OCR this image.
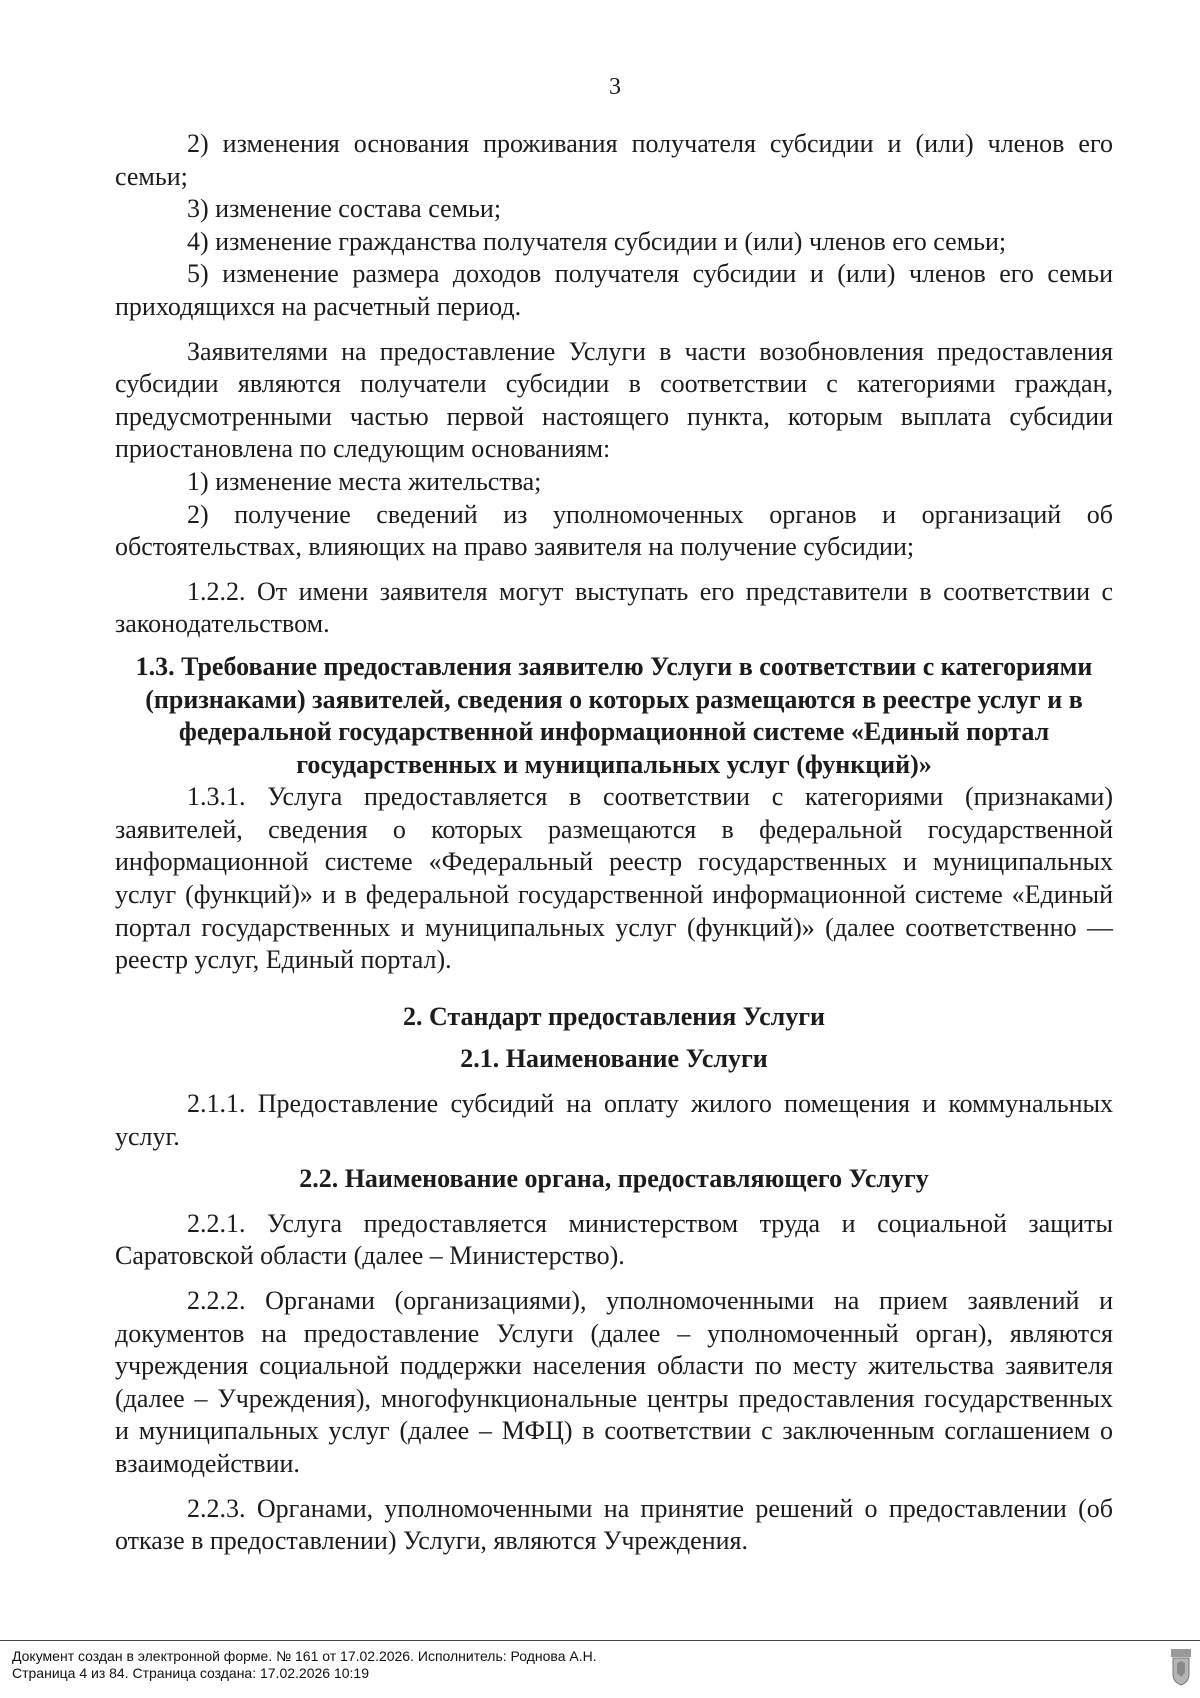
3

2) изменения основания проживания получателя субсидии и (или) членов его семьи;

3) изменение состава семьи;

4) изменение гражданства получателя субсидии и (или) членов его семьи;

5) изменение размера доходов получателя субсидии и (или) членов его семьи приходящихся на расчетный период.

Заявителями на предоставление Услуги в части возобновления предоставления субсидии являются получатели субсидии в соответствии с категориями граждан, предусмотренными частью первой настоящего пункта, которым выплата субсидии приостановлена по следующим основаниям:

1) изменение места жительства;

2) получение сведений из уполномоченных органов и организаций об обстоятельствах, влияющих на право заявителя на получение субсидии;

1.2.2. От имени заявителя могут выступать его представители в соответствии с законодательством.

1.3. Требование предоставления заявителю Услуги в соответствии с категориями (признаками) заявителей, сведения о которых размещаются в реестре услуг и в федеральной государственной информационной системе «Единый портал государственных и муниципальных услуг (функций)»

1.3.1. Услуга предоставляется в соответствии с категориями (признаками) заявителей, сведения о которых размещаются в федеральной государственной информационной системе «Федеральный реестр государственных и муниципальных услуг (функций)» и в федеральной государственной информационной системе «Единый портал государственных и муниципальных услуг (функций)» (далее соответственно — реестр услуг, Единый портал).

2. Стандарт предоставления Услуги

2.1. Наименование Услуги

2.1.1. Предоставление субсидий на оплату жилого помещения и коммунальных услуг.

2.2. Наименование органа, предоставляющего Услугу

2.2.1. Услуга предоставляется министерством труда и социальной защиты Саратовской области (далее – Министерство).

2.2.2. Органами (организациями), уполномоченными на прием заявлений и документов на предоставление Услуги (далее – уполномоченный орган), являются учреждения социальной поддержки населения области по месту жительства заявителя (далее – Учреждения), многофункциональные центры предоставления государственных и муниципальных услуг (далее – МФЦ) в соответствии с заключенным соглашением о взаимодействии.

2.2.3. Органами, уполномоченными на принятие решений о предоставлении (об отказе в предоставлении) Услуги, являются Учреждения.

Документ создан в электронной форме. № 161 от 17.02.2026. Исполнитель: Роднова А.Н.
Страница 4 из 84. Страница создана: 17.02.2026 10:19
